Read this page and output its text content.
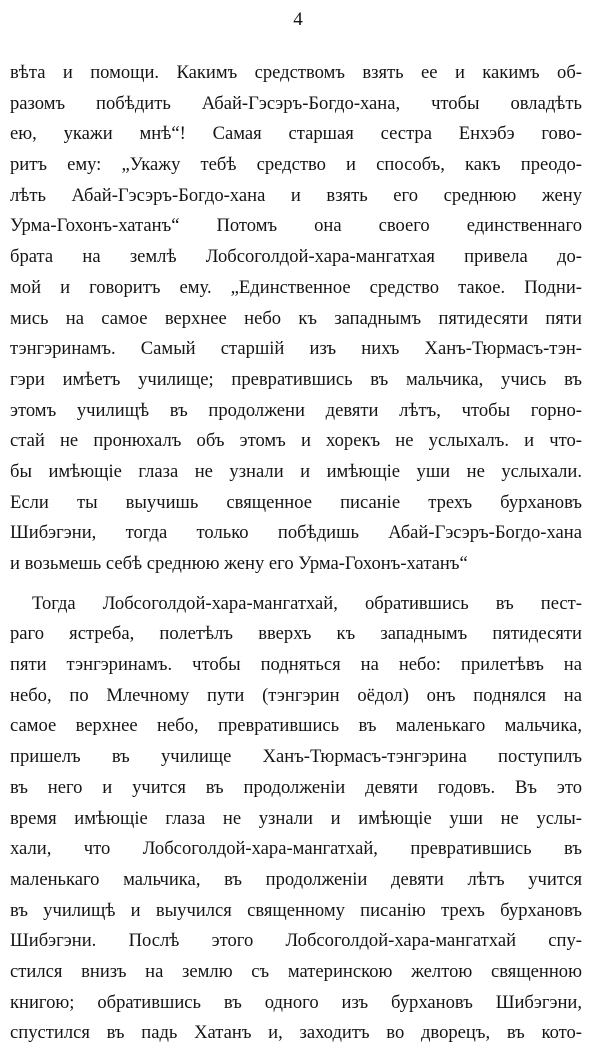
4
вѣта и помощи. Какимъ средствомъ взять ее и какимъ об-
разомъ побѣдить Абай-Гэсэръ-Богдо-хана, чтобы овладѣть
ею, укажи мнѣ“! Самая старшая сестра Енхэбэ гово-
ритъ ему: „Укажу тебѣ средство и способъ, какъ преодо-
лѣть Абай-Гэсэръ-Богдо-хана и взять его среднюю жену
Урма-Гохонъ-хатанъ“ Потомъ она своего единственнаго
брата на землѣ Лобсоголдой-хара-мангатхая привела до-
мой и говоритъ ему. „Единственное средство такое. Подни-
мись на самое верхнее небо къ западнымъ пятидесяти пяти
тэнгэринамъ. Самый старшій изъ нихъ Ханъ-Тюрмасъ-тэн-
гэри имѣетъ училище; превратившись въ мальчика, учись въ
этомъ училищѣ въ продолжени девяти лѣтъ, чтобы горно-
стай не пронюхалъ объ этомъ и хорекъ не услыхалъ. и что-
бы имѣющіе глаза не узнали и имѣющіе уши не услыхали.
Если ты выучишь священное писаніе трехъ бурхановъ
Шибэгэни, тогда только побѣдишь Абай-Гэсэръ-Богдо-хана
и возьмешь себѣ среднюю жену его Урма-Гохонъ-хатанъ“
Тогда Лобсоголдой-хара-мангатхай, обратившись въ пест-
раго ястреба, полетѣлъ вверхъ къ западнымъ пятидесяти
пяти тэнгэринамъ. чтобы подняться на небо: прилетѣвъ на
небо, по Млечному пути (тэнгэрин оёдол) онъ поднялся на
самое верхнее небо, превратившись въ маленькаго мальчика,
пришелъ въ училище Ханъ-Тюрмасъ-тэнгэрина поступилъ
въ него и учится въ продолженіи девяти годовъ. Въ это
время имѣющіе глаза не узнали и имѣющіе уши не услы-
хали, что Лобсоголдой-хара-мангатхай, превратившись въ
маленькаго мальчика, въ продолженіи девяти лѣтъ учится
въ училищѣ и выучился священному писанію трехъ бурхановъ
Шибэгэни. Послѣ этого Лобсоголдой-хара-мангатхай спу-
стился внизъ на землю съ материнскою желтою священною
книгою; обратившись въ одного изъ бурхановъ Шибэгэни,
спустился въ падь Хатанъ и, заходитъ во дворецъ, въ кото-
